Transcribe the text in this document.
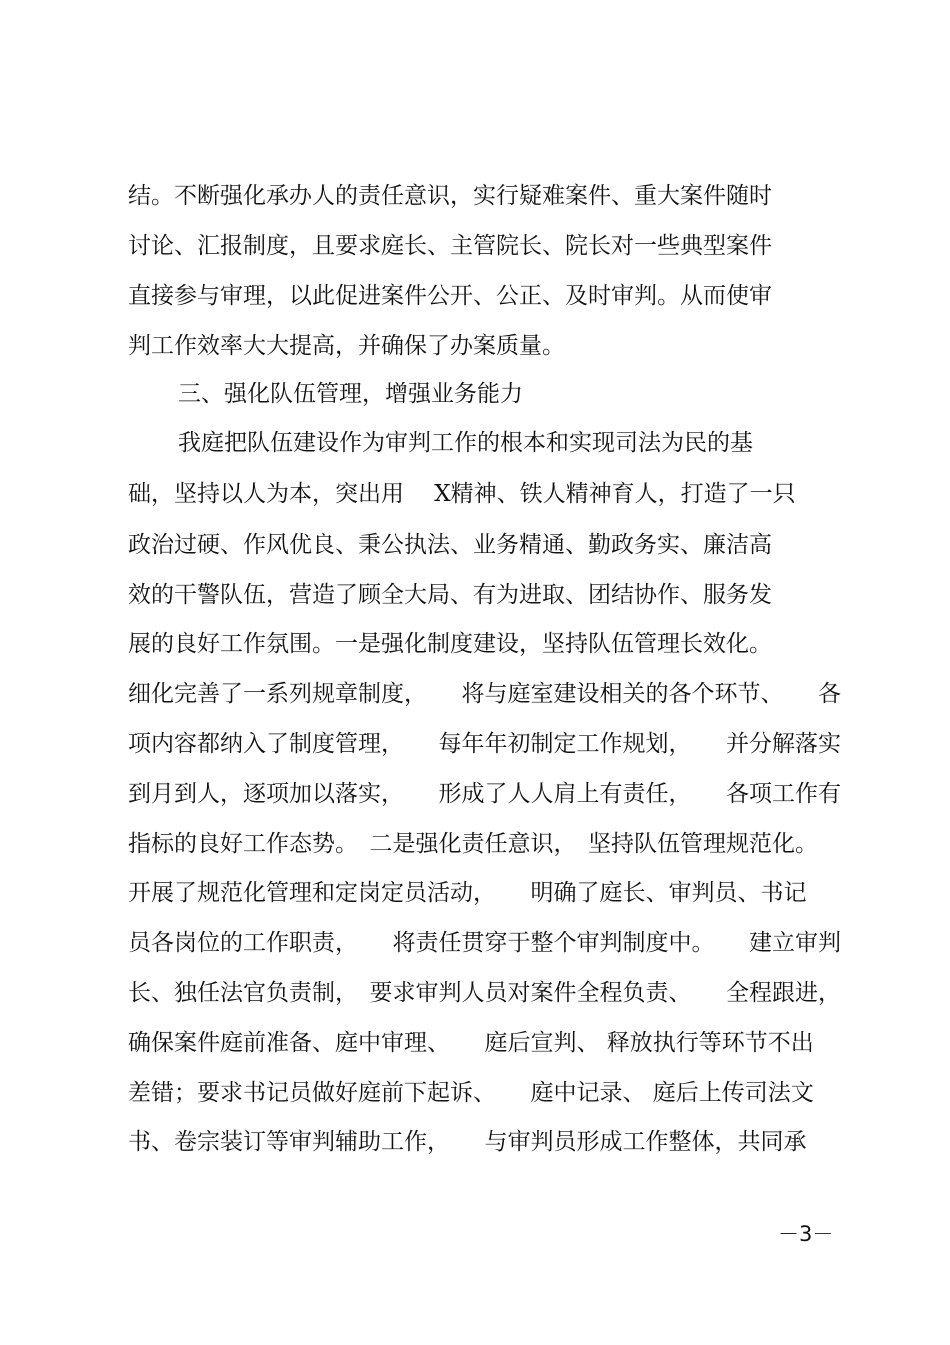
结。不断强化承办人的责任意识，实行疑难案件、重大案件随时

讨论、汇报制度，且要求庭长、主管院长、院长对一些典型案件

直接参与审理，以此促进案件公开、公正、及时审判。从而使审

判工作效率大大提高，并确保了办案质量。

三、强化队伍管理，增强业务能力

我庭把队伍建设作为审判工作的根本和实现司法为民的基

础，坚持以人为本，突出用　 X精神、铁人精神育人，打造了一只

政治过硬、作风优良、秉公执法、业务精通、勤政务实、廉洁高

效的干警队伍，营造了顾全大局、有为进取、团结协作、服务发

展的良好工作氛围。一是强化制度建设，坚持队伍管理长效化。

细化完善了一系列规章制度，　　将与庭室建设相关的各个环节、　　各

项内容都纳入了制度管理，　　每年年初制定工作规划，　　并分解落实

到月到人，逐项加以落实，　　形成了人人肩上有责任，　　各项工作有

指标的良好工作态势。　二是强化责任意识，　坚持队伍管理规范化。

开展了规范化管理和定岗定员活动，　　明确了庭长、审判员、书记

员各岗位的工作职责，　　将责任贯穿于整个审判制度中。　　建立审判

长、独任法官负责制，　要求审判人员对案件全程负责、　　全程跟进，

确保案件庭前准备、庭中审理、　　庭后宣判、 释放执行等环节不出

差错；要求书记员做好庭前下起诉、　　庭中记录、 庭后上传司法文

书、卷宗装订等审判辅助工作，　　与审判员形成工作整体，共同承

－3－
